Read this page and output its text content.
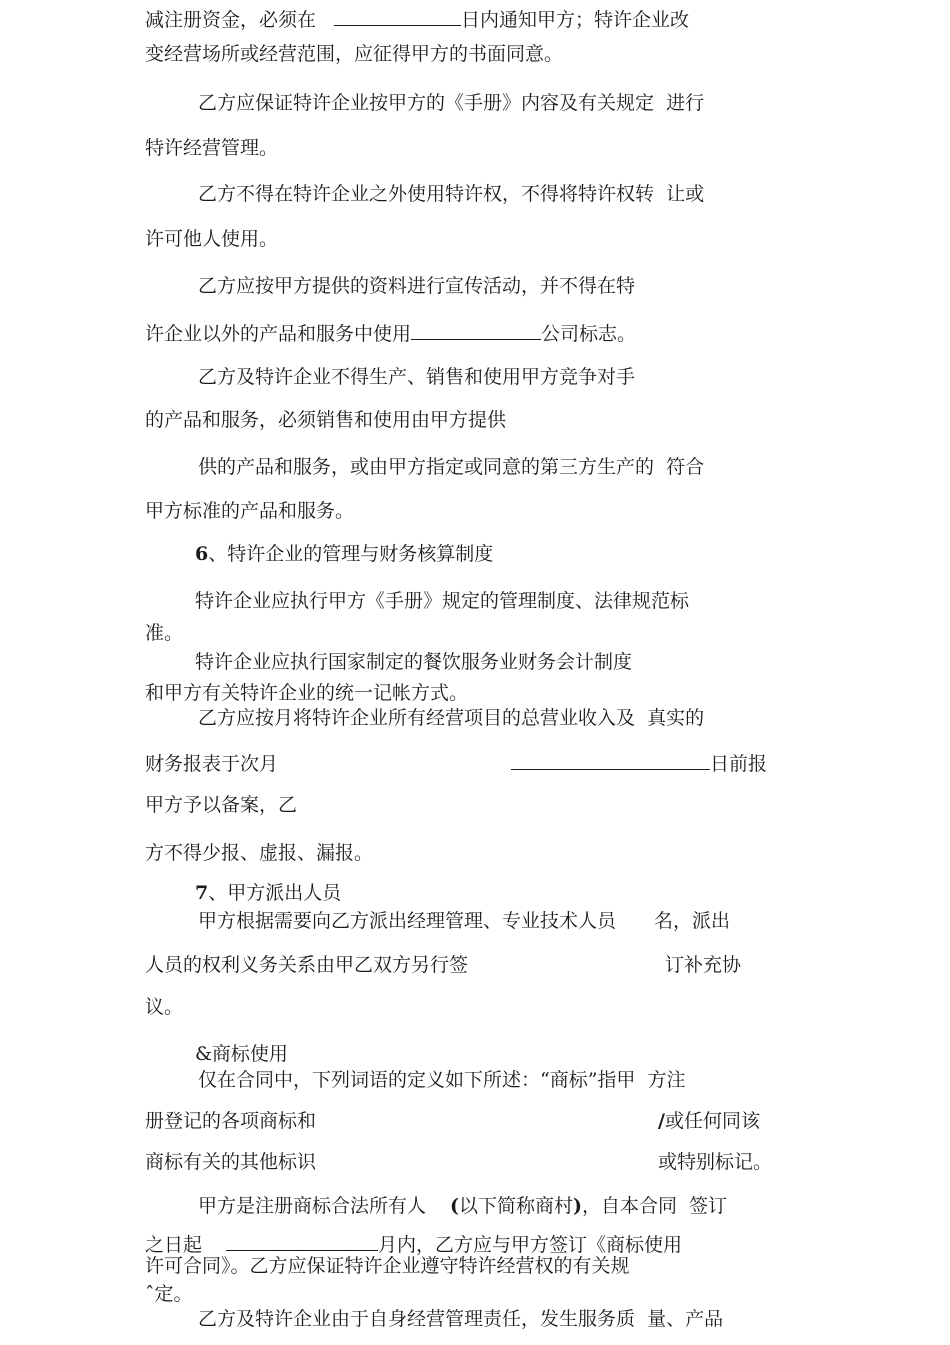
减注册资金，必须在	日内通知甲方；特许企业改
变经营场所或经营范围，应征得甲方的书面同意。
乙方应保证特许企业按甲方的《手册》内容及有关规定  进行
特许经营管理。
乙方不得在特许企业之外使用特许权，不得将特许权转  让或
许可他人使用。
乙方应按甲方提供的资料进行宣传活动，并不得在特
许企业以外的产品和服务中使用	公司标志。
乙方及特许企业不得生产、销售和使用甲方竞争对手
的产品和服务，必须销售和使用由甲方提供
供的产品和服务，或由甲方指定或同意的第三方生产的  符合
甲方标准的产品和服务。
6、特许企业的管理与财务核算制度
特许企业应执行甲方《手册》规定的管理制度、法律规范标
准。
特许企业应执行国家制定的餐饮服务业财务会计制度
和甲方有关特许企业的统一记帐方式。
乙方应按月将特许企业所有经营项目的总营业收入及  真实的
财务报表于次月	日前报
甲方予以备案，乙
方不得少报、虚报、漏报。
7、甲方派出人员
甲方根据需要向乙方派出经理管理、专业技术人员 名，派出
人员的权利义务关系由甲乙双方另行签	订补充协
议。
&商标使用
仅在合同中，下列词语的定义如下所述：“商标”指甲  方注
册登记的各项商标和	/或任何同该
商标有关的其他标识	或特别标记。
甲方是注册商标合法所有人 (以下简称商村)，自本合同  签订
之日起	月内，乙方应与甲方签订《商标使用
许可合同》。乙方应保证特许企业遵守特许经营权的有关规
ˆ定。
乙方及特许企业由于自身经营管理责任，发生服务质  量、产品
